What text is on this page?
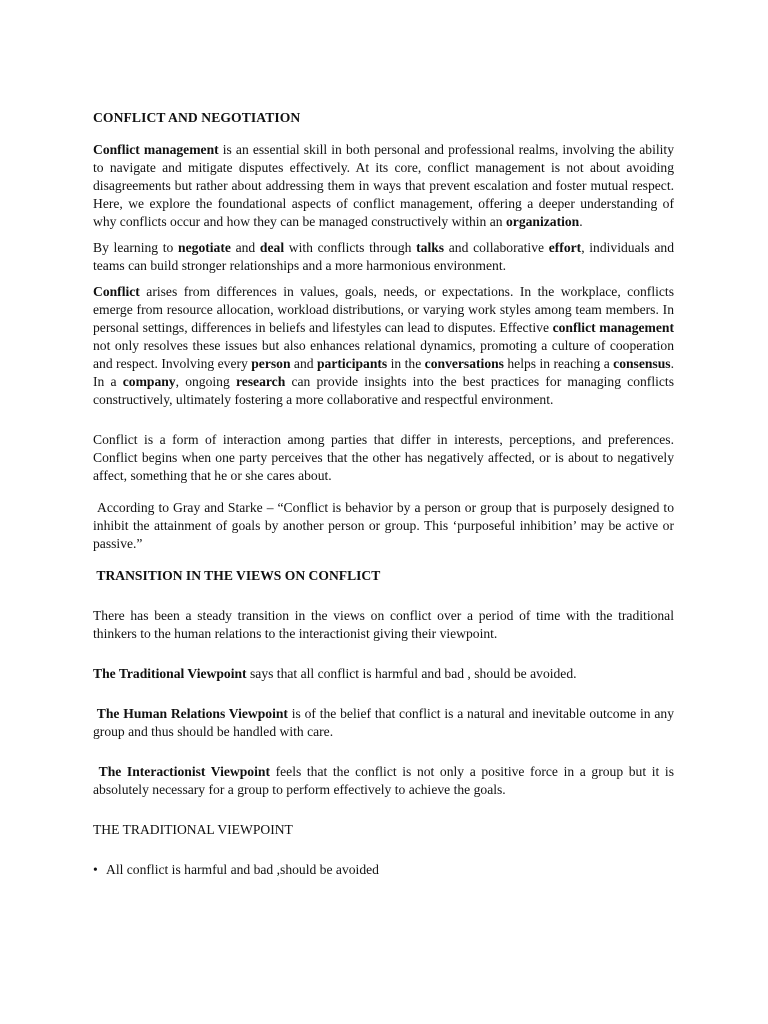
CONFLICT AND NEGOTIATION

Conflict management is an essential skill in both personal and professional realms, involving the ability to navigate and mitigate disputes effectively. At its core, conflict management is not about avoiding disagreements but rather about addressing them in ways that prevent escalation and foster mutual respect. Here, we explore the foundational aspects of conflict management, offering a deeper understanding of why conflicts occur and how they can be managed constructively within an organization.

By learning to negotiate and deal with conflicts through talks and collaborative effort, individuals and teams can build stronger relationships and a more harmonious environment.

Conflict arises from differences in values, goals, needs, or expectations. In the workplace, conflicts emerge from resource allocation, workload distributions, or varying work styles among team members. In personal settings, differences in beliefs and lifestyles can lead to disputes. Effective conflict management not only resolves these issues but also enhances relational dynamics, promoting a culture of cooperation and respect. Involving every person and participants in the conversations helps in reaching a consensus. In a company, ongoing research can provide insights into the best practices for managing conflicts constructively, ultimately fostering a more collaborative and respectful environment.

Conflict is a form of interaction among parties that differ in interests, perceptions, and preferences. Conflict begins when one party perceives that the other has negatively affected, or is about to negatively affect, something that he or she cares about.

According to Gray and Starke – “Conflict is behavior by a person or group that is purposely designed to inhibit the attainment of goals by another person or group. This ‘purposeful inhibition’ may be active or passive.”

TRANSITION IN THE VIEWS ON CONFLICT

There has been a steady transition in the views on conflict over a period of time with the traditional thinkers to the human relations to the interactionist giving their viewpoint.

The Traditional Viewpoint says that all conflict is harmful and bad , should be avoided.

The Human Relations Viewpoint is of the belief that conflict is a natural and inevitable outcome in any group and thus should be handled with care.

The Interactionist Viewpoint feels that the conflict is not only a positive force in a group but it is absolutely necessary for a group to perform effectively to achieve the goals.

THE TRADITIONAL VIEWPOINT
• All conflict is harmful and bad ,should be avoided
